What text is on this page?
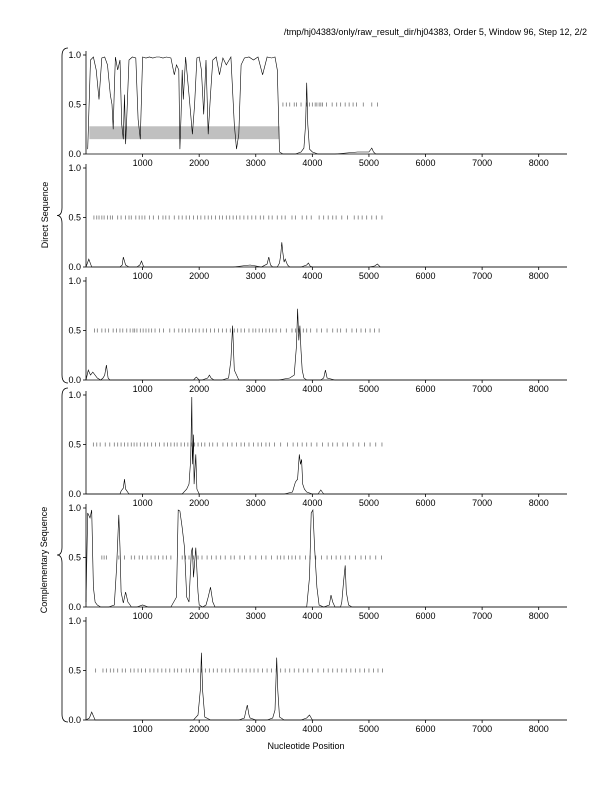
/tmp/hj04383/only/raw_result_dir/hj04383, Order 5, Window 96, Step 12, 2/2
Direct Sequence
Complementary Sequence
Nucleotide Position
0.0
0.5
1.0
1000	2000	3000	4000	5000	6000	7000	8000
0.0
0.5
1.0
1000	2000	3000	4000	5000	6000	7000	8000
0.0
0.5
1.0
1000	2000	3000	4000	5000	6000	7000	8000
0.0
0.5
1.0
1000	2000	3000	4000	5000	6000	7000	8000
0.0
0.5
1.0
1000	2000	3000	4000	5000	6000	7000	8000
0.0
0.5
1.0
1000	2000	3000	4000	5000	6000	7000	8000
